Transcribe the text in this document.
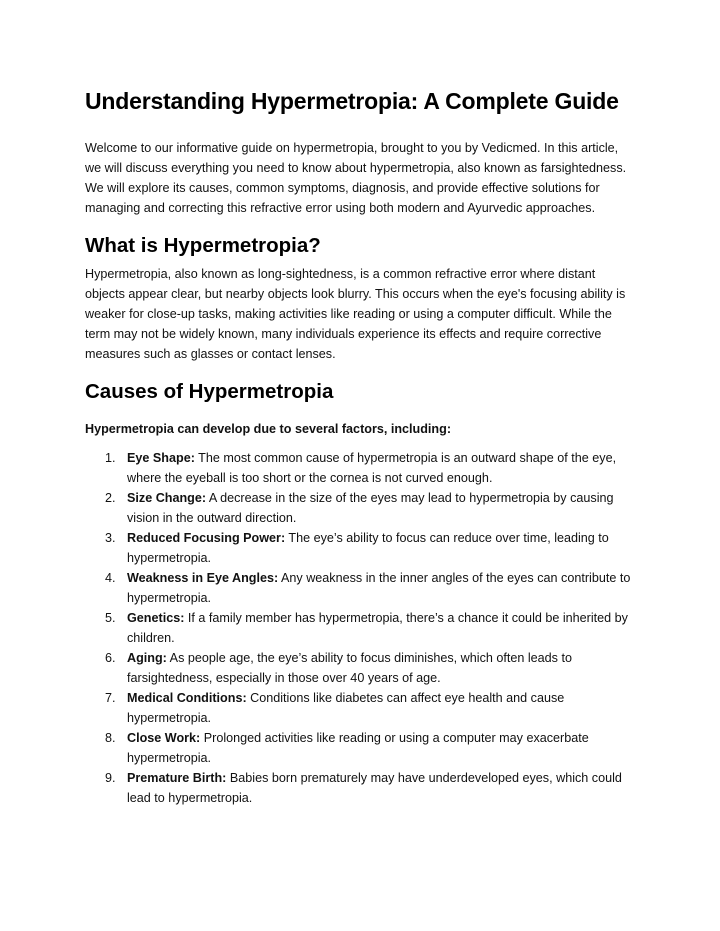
Understanding Hypermetropia: A Complete Guide

Welcome to our informative guide on hypermetropia, brought to you by Vedicmed. In this article, we will discuss everything you need to know about hypermetropia, also known as farsightedness. We will explore its causes, common symptoms, diagnosis, and provide effective solutions for managing and correcting this refractive error using both modern and Ayurvedic approaches.

What is Hypermetropia?

Hypermetropia, also known as long-sightedness, is a common refractive error where distant objects appear clear, but nearby objects look blurry. This occurs when the eye's focusing ability is weaker for close-up tasks, making activities like reading or using a computer difficult. While the term may not be widely known, many individuals experience its effects and require corrective measures such as glasses or contact lenses.

Causes of Hypermetropia

Hypermetropia can develop due to several factors, including:

1. Eye Shape: The most common cause of hypermetropia is an outward shape of the eye, where the eyeball is too short or the cornea is not curved enough.
2. Size Change: A decrease in the size of the eyes may lead to hypermetropia by causing vision in the outward direction.
3. Reduced Focusing Power: The eye’s ability to focus can reduce over time, leading to hypermetropia.
4. Weakness in Eye Angles: Any weakness in the inner angles of the eyes can contribute to hypermetropia.
5. Genetics: If a family member has hypermetropia, there’s a chance it could be inherited by children.
6. Aging: As people age, the eye’s ability to focus diminishes, which often leads to farsightedness, especially in those over 40 years of age.
7. Medical Conditions: Conditions like diabetes can affect eye health and cause hypermetropia.
8. Close Work: Prolonged activities like reading or using a computer may exacerbate hypermetropia.
9. Premature Birth: Babies born prematurely may have underdeveloped eyes, which could lead to hypermetropia.
